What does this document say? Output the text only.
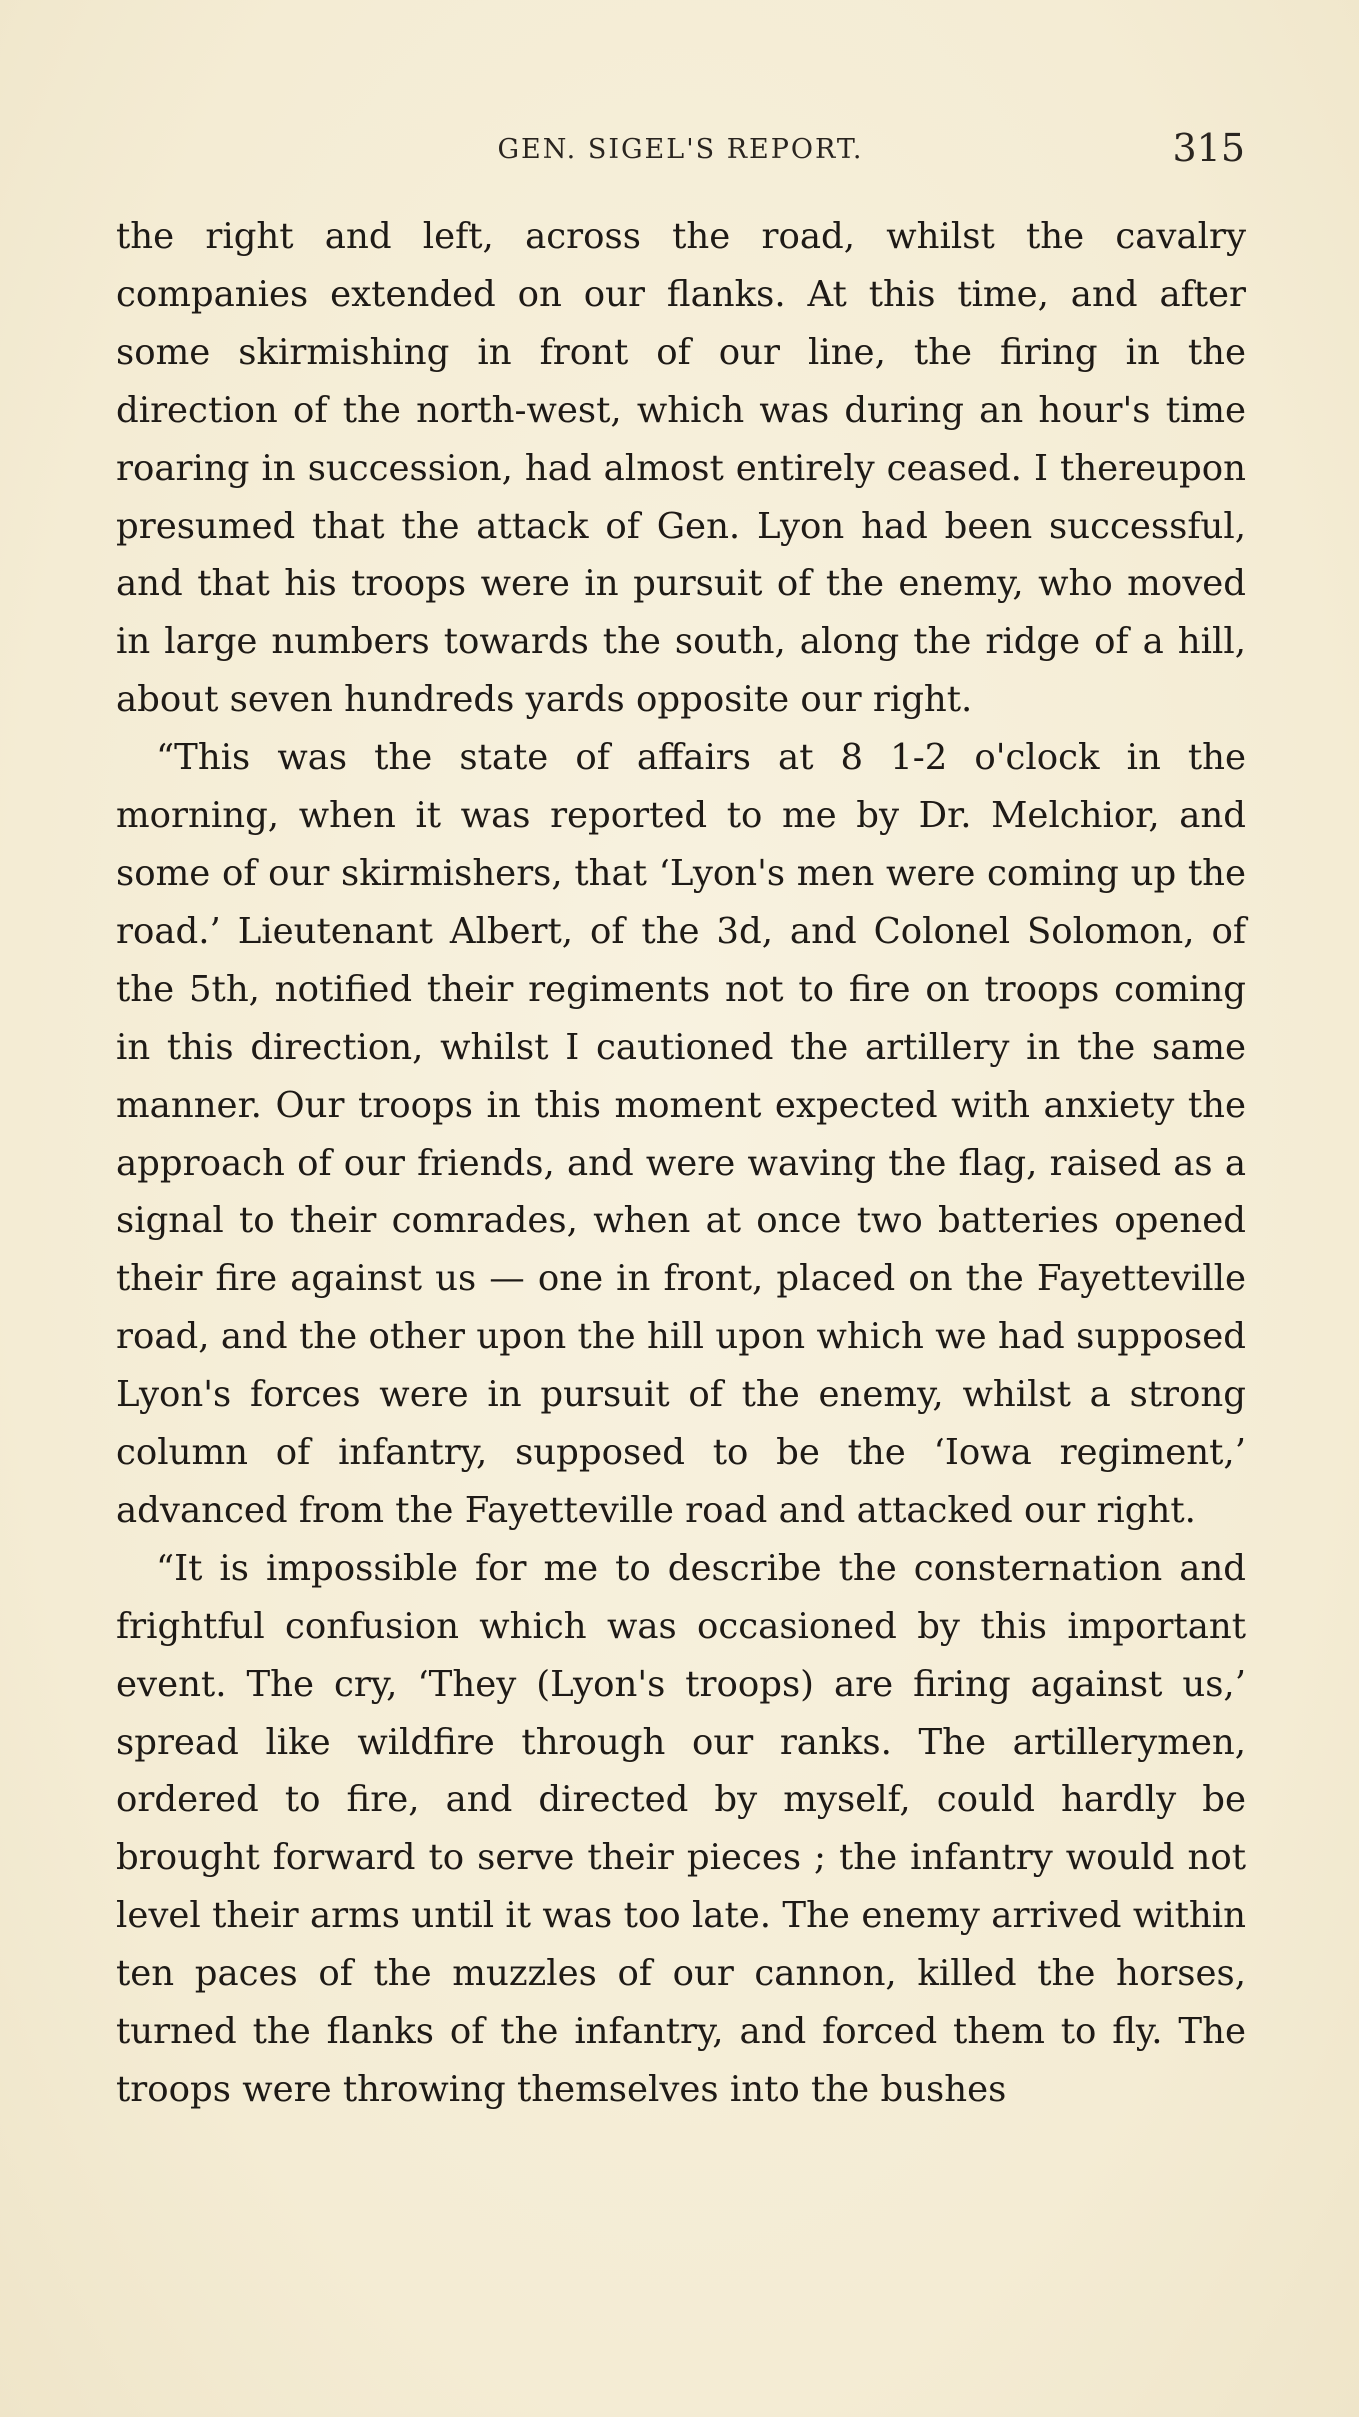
GEN. SIGEL'S REPORT.	315

the right and left, across the road, whilst the cavalry companies extended on our flanks. At this time, and after some skirmishing in front of our line, the firing in the direction of the north-west, which was during an hour's time roaring in succession, had almost entirely ceased. I thereupon presumed that the attack of Gen. Lyon had been successful, and that his troops were in pursuit of the enemy, who moved in large numbers towards the south, along the ridge of a hill, about seven hundreds yards opposite our right.

“This was the state of affairs at 8 1-2 o'clock in the morning, when it was reported to me by Dr. Melchior, and some of our skirmishers, that ‘Lyon's men were coming up the road.’ Lieutenant Albert, of the 3d, and Colonel Solomon, of the 5th, notified their regiments not to fire on troops coming in this direction, whilst I cautioned the artillery in the same manner. Our troops in this moment expected with anxiety the approach of our friends, and were waving the flag, raised as a signal to their comrades, when at once two batteries opened their fire against us — one in front, placed on the Fayetteville road, and the other upon the hill upon which we had supposed Lyon's forces were in pursuit of the enemy, whilst a strong column of infantry, supposed to be the ‘Iowa regiment,’ advanced from the Fayetteville road and attacked our right.

“It is impossible for me to describe the consternation and frightful confusion which was occasioned by this important event. The cry, ‘They (Lyon's troops) are firing against us,’ spread like wildfire through our ranks. The artillerymen, ordered to fire, and directed by myself, could hardly be brought forward to serve their pieces ; the infantry would not level their arms until it was too late. The enemy arrived within ten paces of the muzzles of our cannon, killed the horses, turned the flanks of the infantry, and forced them to fly. The troops were throwing themselves into the bushes
